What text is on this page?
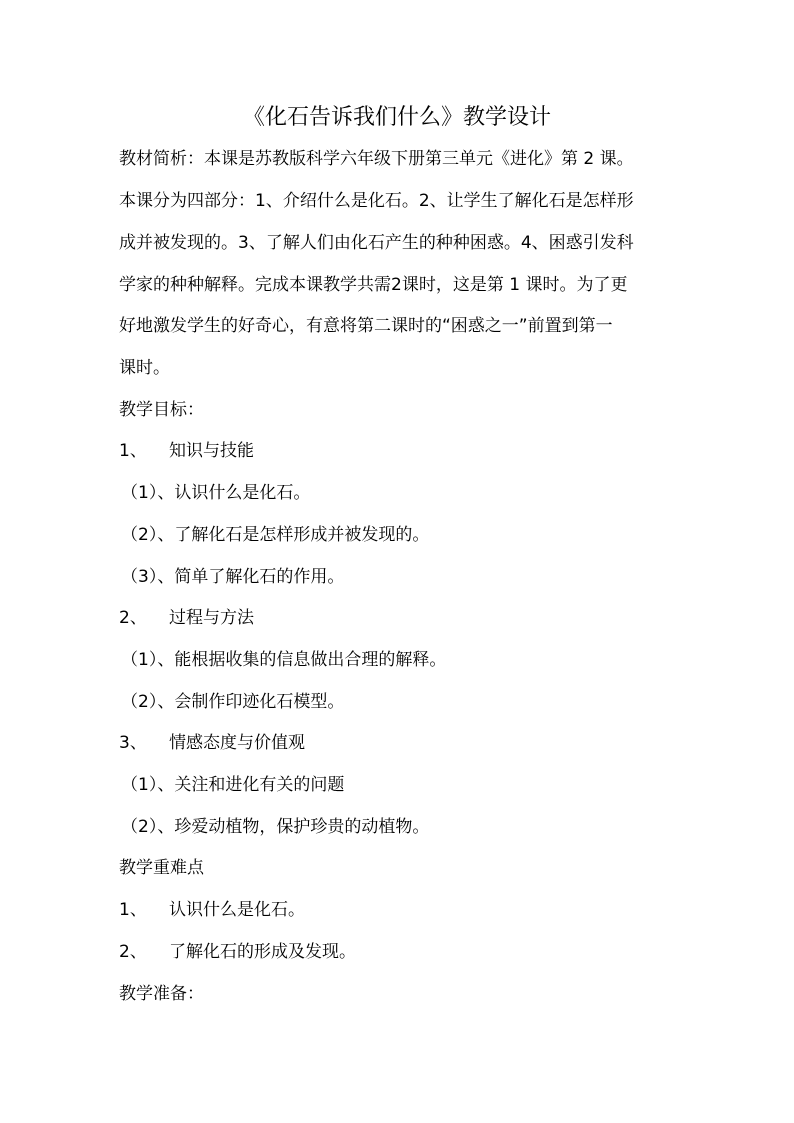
《化石告诉我们什么》教学设计
教材简析：本课是苏教版科学六年级下册第三单元《进化》第 2 课。
本课分为四部分：1、介绍什么是化石。2、让学生了解化石是怎样形
成并被发现的。3、了解人们由化石产生的种种困惑。4、困惑引发科
学家的种种解释。完成本课教学共需2课时，这是第 1 课时。为了更
好地激发学生的好奇心，有意将第二课时的“困惑之一”前置到第一
课时。
教学目标：
1、 知识与技能
（1）、认识什么是化石。
（2）、了解化石是怎样形成并被发现的。
（3）、简单了解化石的作用。
2、 过程与方法
（1）、能根据收集的信息做出合理的解释。
（2）、会制作印迹化石模型。
3、 情感态度与价值观
（1）、关注和进化有关的问题
（2）、珍爱动植物，保护珍贵的动植物。
教学重难点
1、 认识什么是化石。
2、 了解化石的形成及发现。
教学准备：
